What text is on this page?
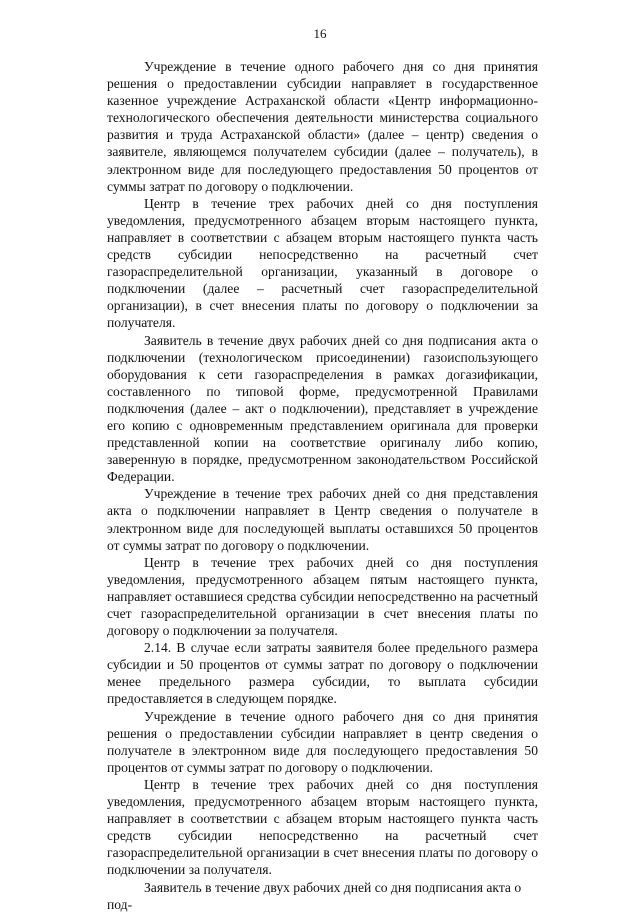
16

Учреждение в течение одного рабочего дня со дня принятия решения о предоставлении субсидии направляет в государственное казенное учреждение Астраханской области «Центр информационно-технологического обеспечения деятельности министерства социального развития и труда Астраханской области» (далее – центр) сведения о заявителе, являющемся получателем субсидии (далее – получатель), в электронном виде для последующего предоставления 50 процентов от суммы затрат по договору о подключении.

Центр в течение трех рабочих дней со дня поступления уведомления, предусмотренного абзацем вторым настоящего пункта, направляет в соответствии с абзацем вторым настоящего пункта часть средств субсидии непосредственно на расчетный счет газораспределительной организации, указанный в договоре о подключении (далее – расчетный счет газораспределительной организации), в счет внесения платы по договору о подключении за получателя.

Заявитель в течение двух рабочих дней со дня подписания акта о подключении (технологическом присоединении) газоиспользующего оборудования к сети газораспределения в рамках догазификации, составленного по типовой форме, предусмотренной Правилами подключения (далее – акт о подключении), представляет в учреждение его копию с одновременным представлением оригинала для проверки представленной копии на соответствие оригиналу либо копию, заверенную в порядке, предусмотренном законодательством Российской Федерации.

Учреждение в течение трех рабочих дней со дня представления акта о подключении направляет в Центр сведения о получателе в электронном виде для последующей выплаты оставшихся 50 процентов от суммы затрат по договору о подключении.

Центр в течение трех рабочих дней со дня поступления уведомления, предусмотренного абзацем пятым настоящего пункта, направляет оставшиеся средства субсидии непосредственно на расчетный счет газораспределительной организации в счет внесения платы по договору о подключении за получателя.

2.14. В случае если затраты заявителя более предельного размера субсидии и 50 процентов от суммы затрат по договору о подключении менее предельного размера субсидии, то выплата субсидии предоставляется в следующем порядке.

Учреждение в течение одного рабочего дня со дня принятия решения о предоставлении субсидии направляет в центр сведения о получателе в электронном виде для последующего предоставления 50 процентов от суммы затрат по договору о подключении.

Центр в течение трех рабочих дней со дня поступления уведомления, предусмотренного абзацем вторым настоящего пункта, направляет в соответствии с абзацем вторым настоящего пункта часть средств субсидии непосредственно на расчетный счет газораспределительной организации в счет внесения платы по договору о подключении за получателя.

Заявитель в течение двух рабочих дней со дня подписания акта о под-
